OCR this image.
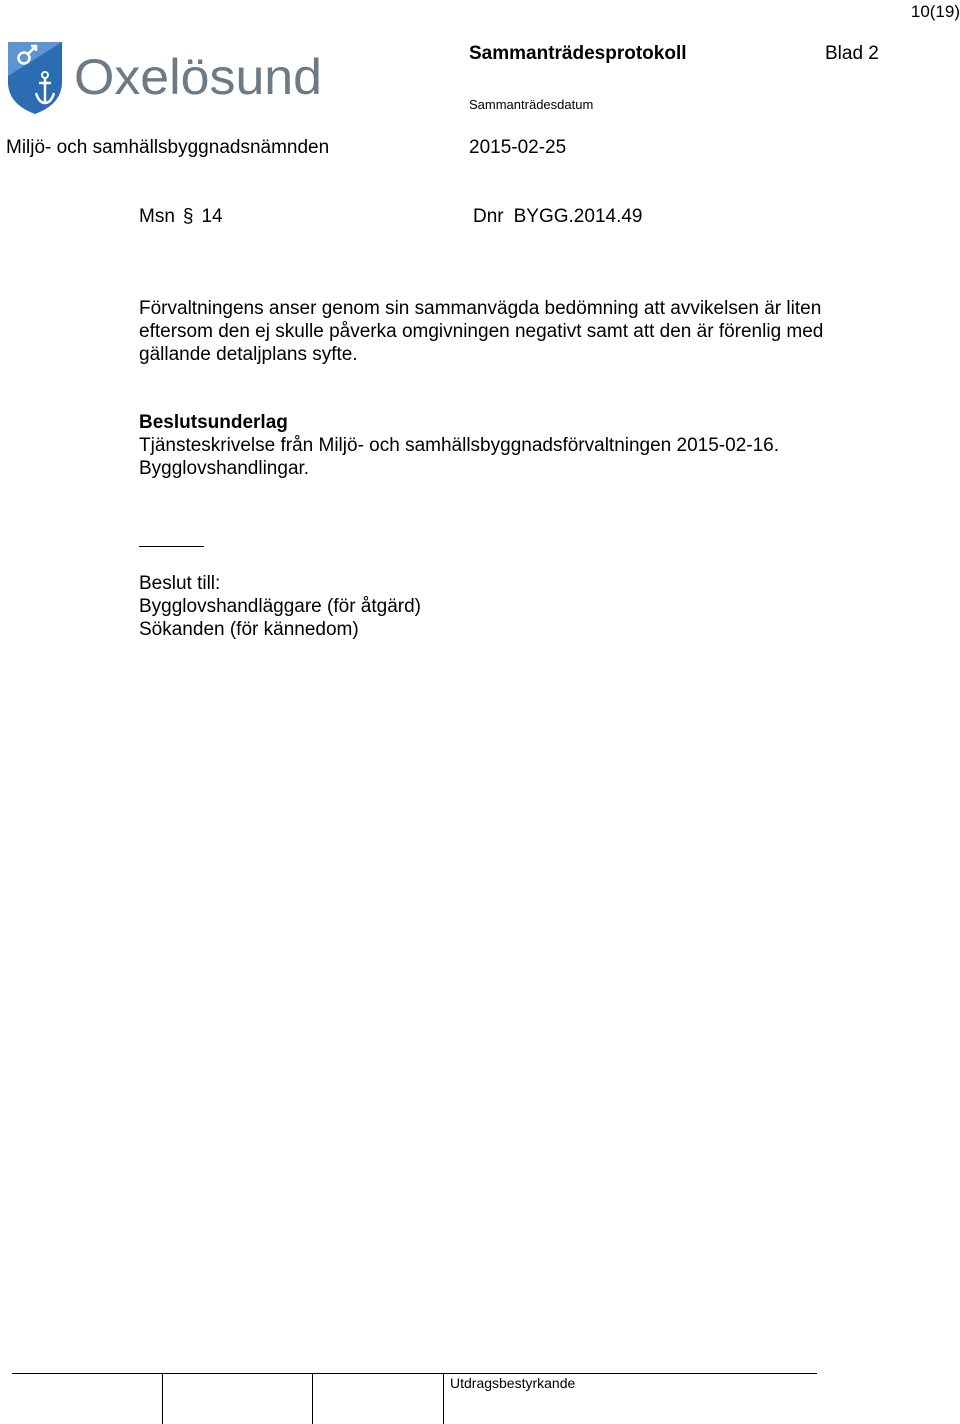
10(19)
Oxelösund	Sammanträdesprotokoll	Blad 2
Sammanträdesdatum
Miljö- och samhällsbyggnadsnämnden	2015-02-25
Msn § 14	Dnr BYGG.2014.49
Förvaltningens anser genom sin sammanvägda bedömning att avvikelsen är liten eftersom den ej skulle påverka omgivningen negativt samt att den är förenlig med gällande detaljplans syfte.
Beslutsunderlag
Tjänsteskrivelse från Miljö- och samhällsbyggnadsförvaltningen 2015-02-16.
Bygglovshandlingar.
Beslut till:
Bygglovshandläggare (för åtgärd)
Sökanden (för kännedom)
Utdragsbestyrkande
